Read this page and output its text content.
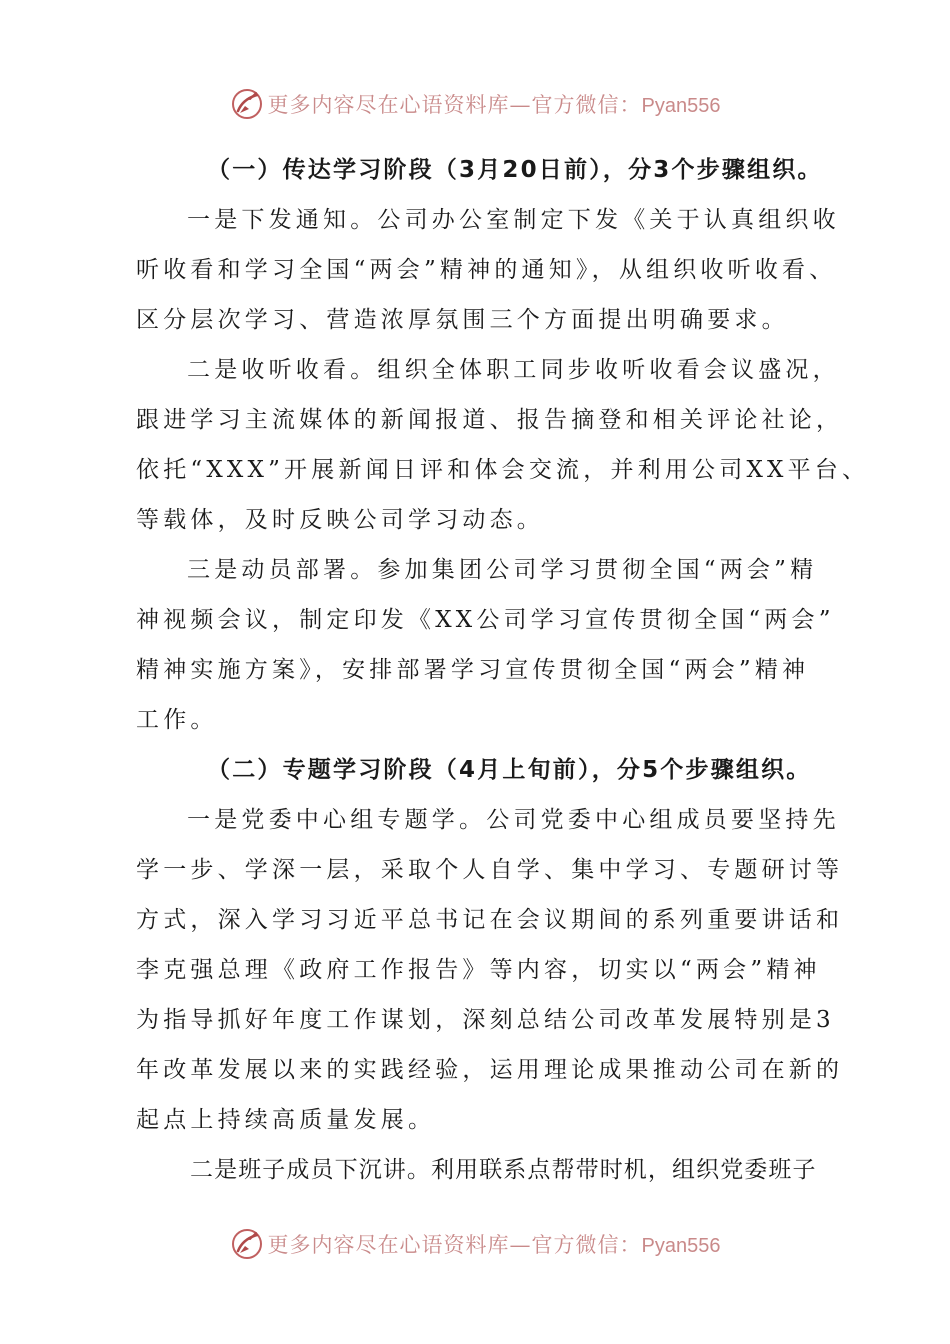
更多内容尽在心语资料库—官方微信：Pyan556
（一）传达学习阶段（3月20日前），分3个步骤组织。
一是下发通知。公司办公室制定下发《关于认真组织收
听收看和学习全国“两会”精神的通知》，从组织收听收看、
区分层次学习、营造浓厚氛围三个方面提出明确要求。
二是收听收看。组织全体职工同步收听收看会议盛况，
跟进学习主流媒体的新闻报道、报告摘登和相关评论社论，
依托“XXX”开展新闻日评和体会交流，并利用公司XX平台、
等载体，及时反映公司学习动态。
三是动员部署。参加集团公司学习贯彻全国“两会”精
神视频会议，制定印发《XX公司学习宣传贯彻全国“两会”
精神实施方案》，安排部署学习宣传贯彻全国“两会”精神
工作。
（二）专题学习阶段（4月上旬前），分5个步骤组织。
一是党委中心组专题学。公司党委中心组成员要坚持先
学一步、学深一层，采取个人自学、集中学习、专题研讨等
方式，深入学习习近平总书记在会议期间的系列重要讲话和
李克强总理《政府工作报告》等内容，切实以“两会”精神
为指导抓好年度工作谋划，深刻总结公司改革发展特别是3
年改革发展以来的实践经验，运用理论成果推动公司在新的
起点上持续高质量发展。
二是班子成员下沉讲。利用联系点帮带时机，组织党委班子
更多内容尽在心语资料库—官方微信：Pyan556
